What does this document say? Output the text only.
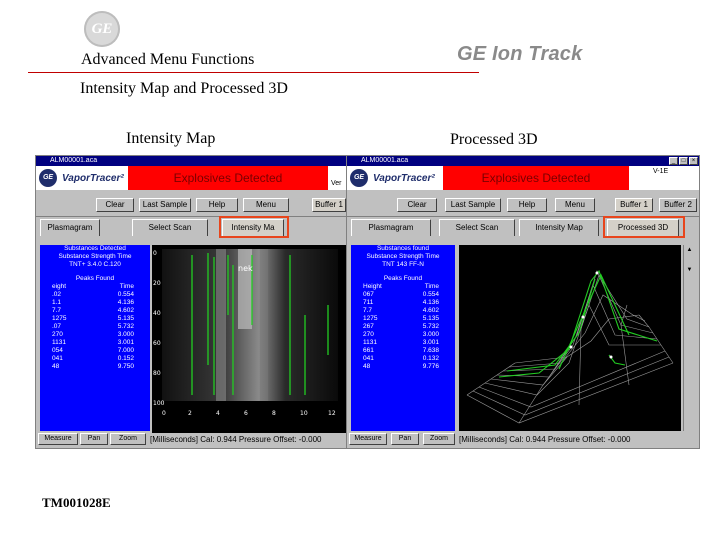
GE
GE Ion Track
Advanced Menu Functions
Intensity Map and Processed 3D
Intensity Map	Processed 3D
TM001028E
ALM00001.aca
GE VaporTracer²	Explosives Detected	Ver
Clear	Last Sample	Help	Menu	Buffer 1
Plasmagram	Select Scan	Intensity Ma
Substances Detected
Substance Strength Time
TNT+ 3.4.0 C.120
Peaks Found
eight	Time
.02	0.554
1.1	4.136
7.7	4.602
1275	5.135
.07	5.732
270	3.000
1131	3.001
054	7.000
041	0.152
48	9.750
nek
0
20
40
60
80
100
0	2	4	6	8	10	12
Measure	Pan	Zoom	[Milliseconds] Cal: 0.944 Pressure Offset: -0.000
ALM00001.aca	_	□	×
GE VaporTracer²	Explosives Detected	V-1E
Clear	Last Sample	Help	Menu	Buffer 1	Buffer 2
Plasmagram	Select Scan	Intensity Map	Processed 3D
Substances found
Substance Strength Time
TNT 143 FF-N
Peaks Found
Height	Time
067	0.554
711	4.136
7.7	4.602
1275	5.135
267	5.732
270	3.000
1131	3.001
661	7.638
041	0.132
48	9.776
▲
▼
Measure	Pan	Zoom	[Milliseconds] Cal: 0.944 Pressure Offset: -0.000
